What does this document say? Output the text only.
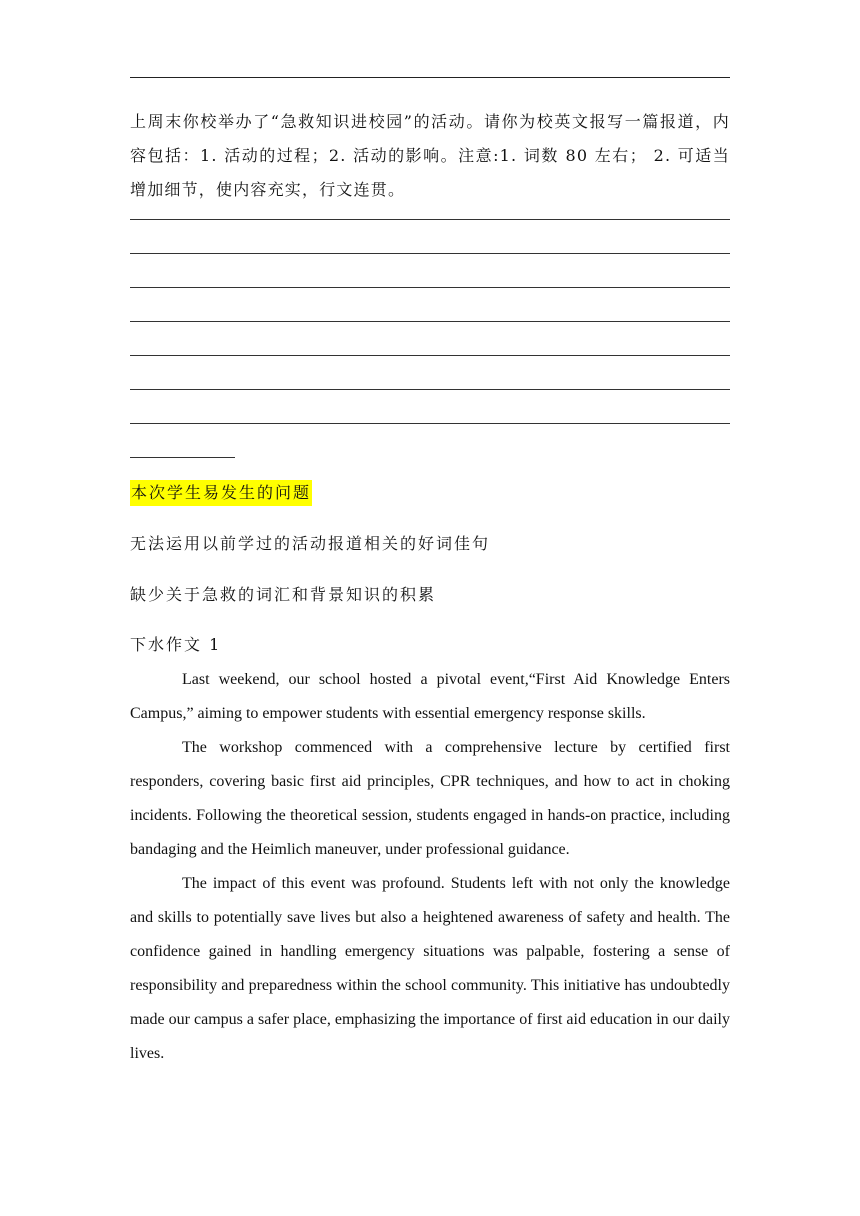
上周末你校举办了“急救知识进校园”的活动。请你为校英文报写一篇报道，内容包括：1. 活动的过程；2. 活动的影响。注意:1. 词数 80 左右； 2. 可适当增加细节，使内容充实，行文连贯。
本次学生易发生的问题
无法运用以前学过的活动报道相关的好词佳句
缺少关于急救的词汇和背景知识的积累
下水作文 1

Last weekend, our school hosted a pivotal event,“First Aid Knowledge Enters Campus,” aiming to empower students with essential emergency response skills.

The workshop commenced with a comprehensive lecture by certified first responders, covering basic first aid principles, CPR techniques, and how to act in choking incidents. Following the theoretical session, students engaged in hands-on practice, including bandaging and the Heimlich maneuver, under professional guidance.

The impact of this event was profound. Students left with not only the knowledge and skills to potentially save lives but also a heightened awareness of safety and health. The confidence gained in handling emergency situations was palpable, fostering a sense of responsibility and preparedness within the school community. This initiative has undoubtedly made our campus a safer place, emphasizing the importance of first aid education in our daily lives.
